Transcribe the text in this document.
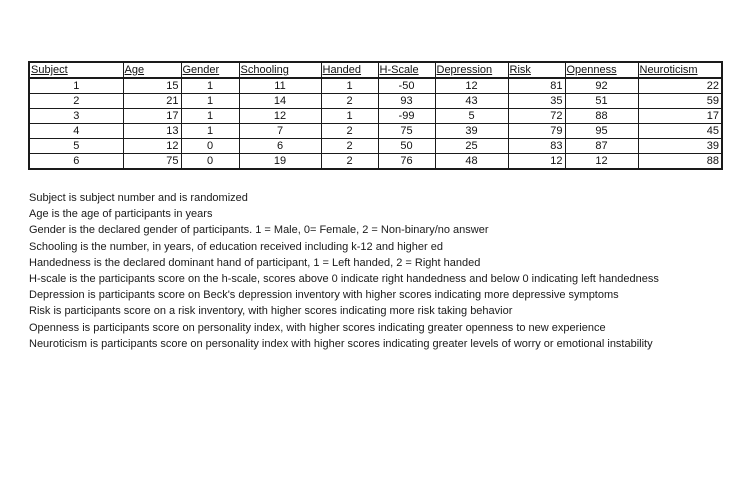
Subject	Age	Gender	Schooling	Handed	H-Scale	Depression	Risk	Openness	Neuroticism
1	15	1	11	1	-50	12	81	92	22
2	21	1	14	2	93	43	35	51	59
3	17	1	12	1	-99	5	72	88	17
4	13	1	7	2	75	39	79	95	45
5	12	0	6	2	50	25	83	87	39
6	75	0	19	2	76	48	12	12	88

Subject is subject number and is randomized

Age is the age of participants in years

Gender is the declared gender of participants. 1 = Male, 0= Female, 2 = Non-binary/no answer

Schooling is the number, in years, of education received including k-12 and higher ed

Handedness is the declared dominant hand of participant, 1 = Left handed, 2 = Right handed

H-scale is the participants score on the h-scale, scores above 0 indicate right handedness and below 0 indicating left handedness

Depression is participants score on Beck's depression inventory with higher scores indicating more depressive symptoms

Risk is participants score on a risk inventory, with higher scores indicating more risk taking behavior

Openness is participants score on personality index, with higher scores indicating greater openness to new experience

Neuroticism is participants score on personality index with higher scores indicating greater levels of worry or emotional instability
